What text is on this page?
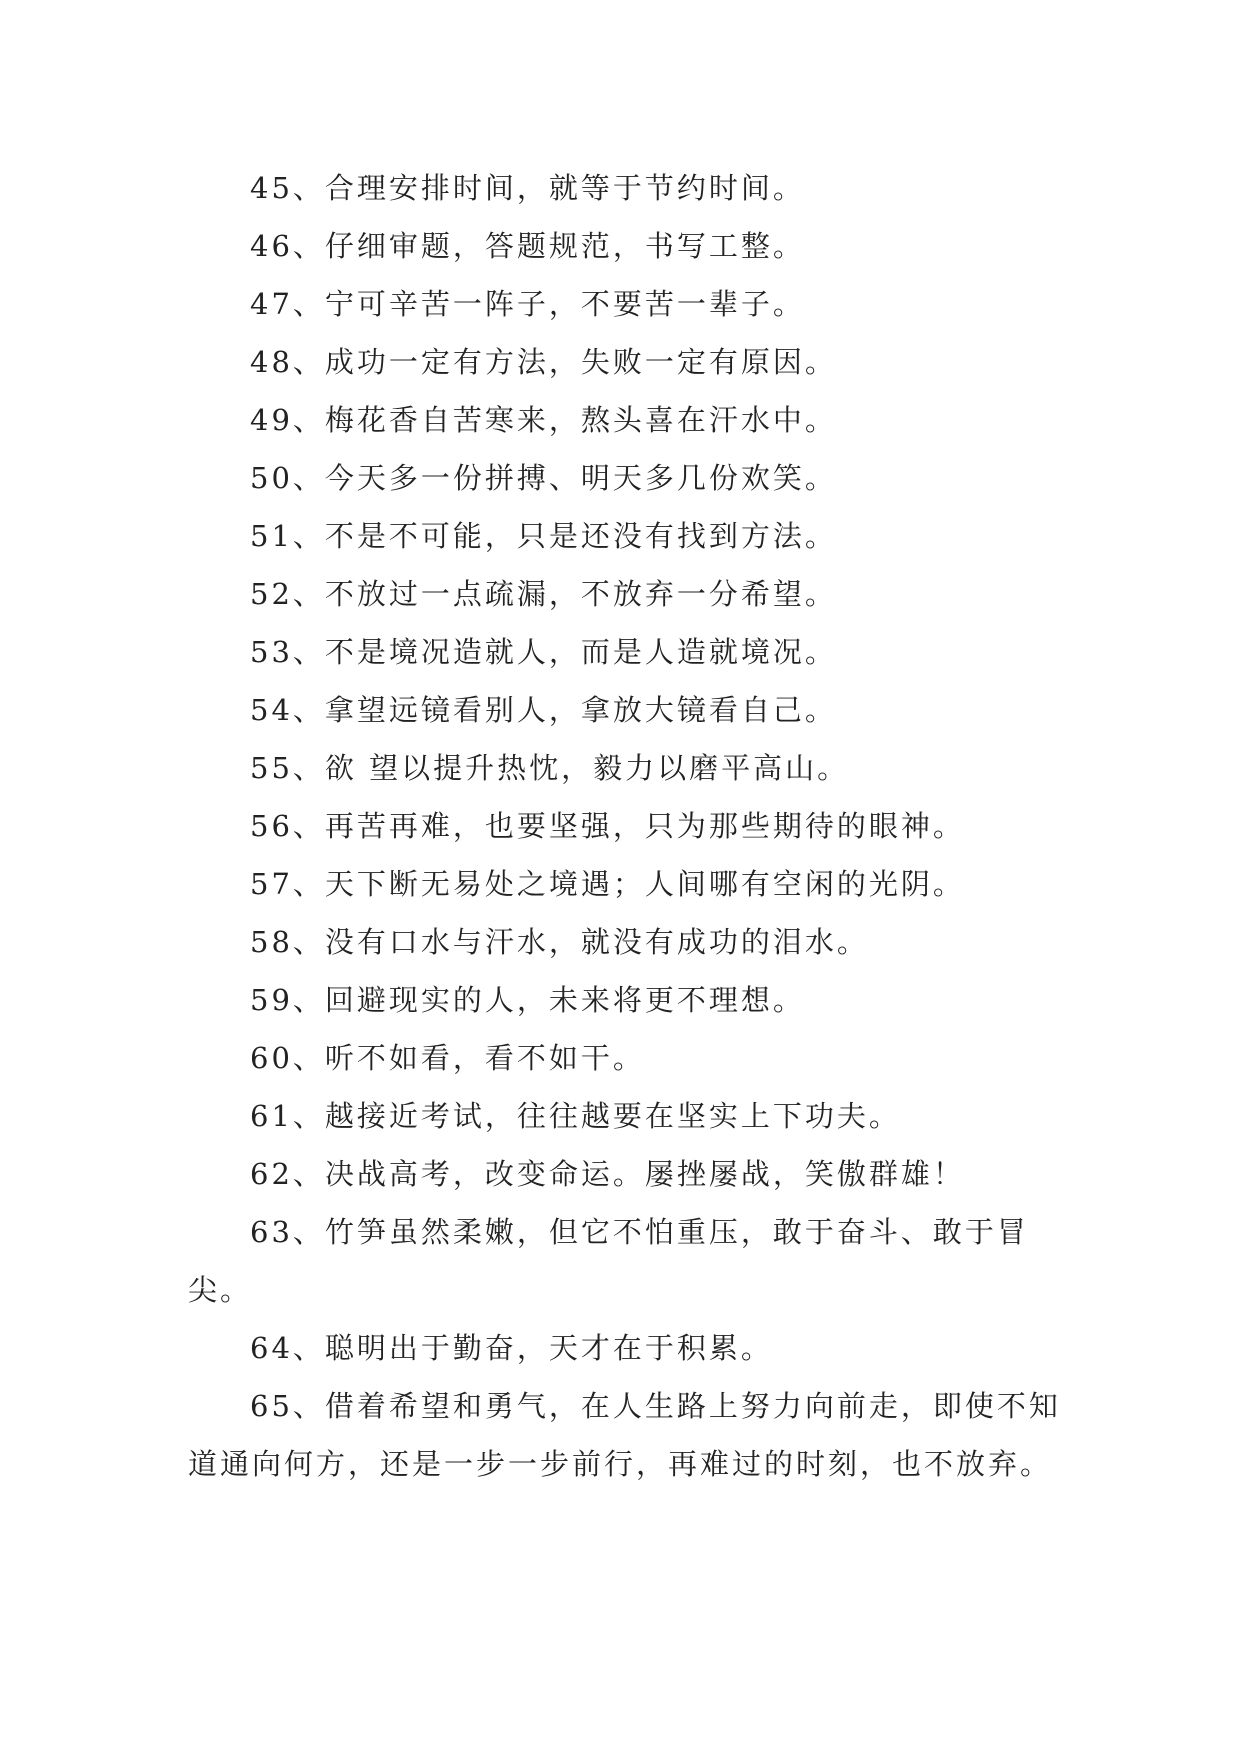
45、合理安排时间，就等于节约时间。

46、仔细审题，答题规范，书写工整。

47、宁可辛苦一阵子，不要苦一辈子。

48、成功一定有方法，失败一定有原因。

49、梅花香自苦寒来，熬头喜在汗水中。

50、今天多一份拼搏、明天多几份欢笑。

51、不是不可能，只是还没有找到方法。

52、不放过一点疏漏，不放弃一分希望。

53、不是境况造就人，而是人造就境况。

54、拿望远镜看别人，拿放大镜看自己。

55、欲 望以提升热忱，毅力以磨平高山。

56、再苦再难，也要坚强，只为那些期待的眼神。

57、天下断无易处之境遇；人间哪有空闲的光阴。

58、没有口水与汗水，就没有成功的泪水。

59、回避现实的人，未来将更不理想。

60、听不如看，看不如干。

61、越接近考试，往往越要在坚实上下功夫。

62、决战高考，改变命运。屡挫屡战，笑傲群雄！

63、竹笋虽然柔嫩，但它不怕重压，敢于奋斗、敢于冒尖。

64、聪明出于勤奋，天才在于积累。

65、借着希望和勇气，在人生路上努力向前走，即使不知道通向何方，还是一步一步前行，再难过的时刻，也不放弃。
